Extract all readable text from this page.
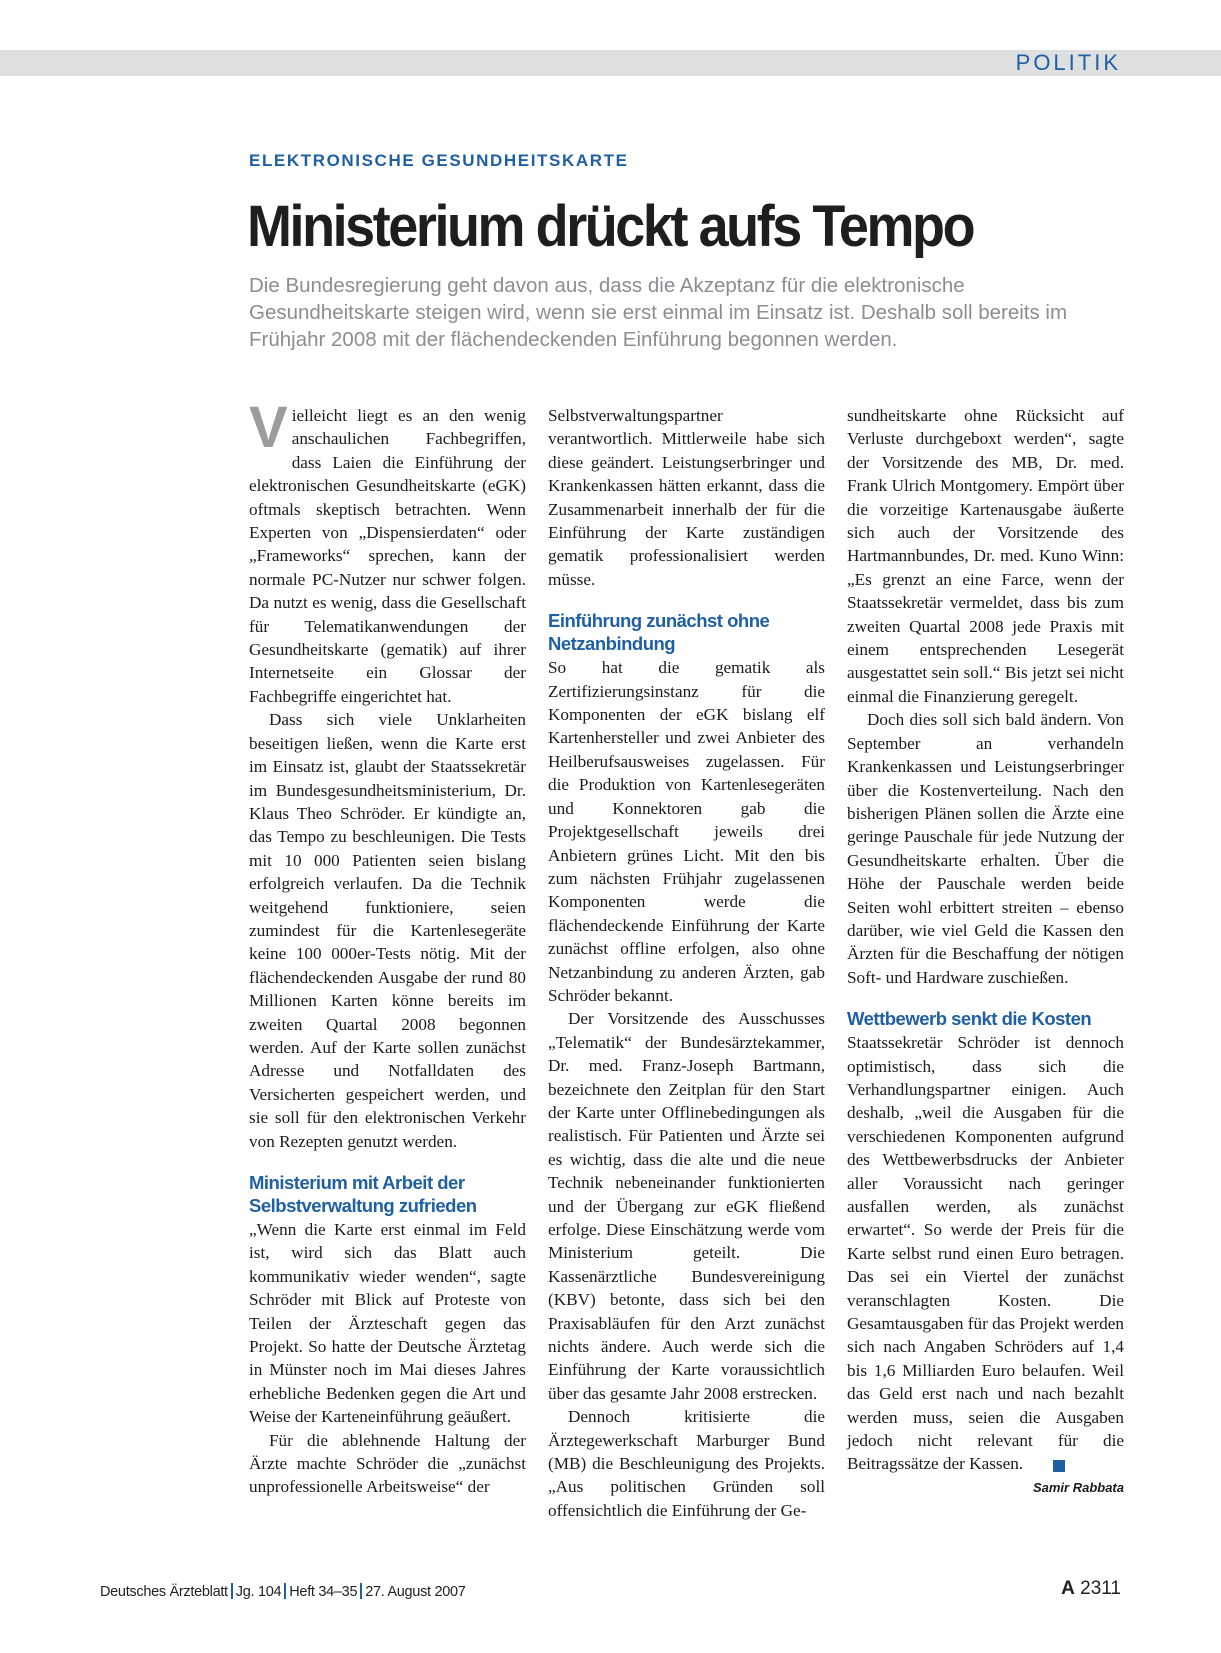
POLITIK
ELEKTRONISCHE GESUNDHEITSKARTE
Ministerium drückt aufs Tempo

Die Bundesregierung geht davon aus, dass die Akzeptanz für die elektronische Gesundheitskarte steigen wird, wenn sie erst einmal im Einsatz ist. Deshalb soll bereits im Frühjahr 2008 mit der flächendeckenden Einführung begonnen werden.

Vielleicht liegt es an den wenig anschaulichen Fachbegriffen, dass Laien die Einführung der elektronischen Gesundheitskarte (eGK) oftmals skeptisch betrachten. Wenn Experten von „Dispensierdaten“ oder „Frameworks“ sprechen, kann der normale PC-Nutzer nur schwer folgen. Da nutzt es wenig, dass die Gesellschaft für Telematikanwendungen der Gesundheitskarte (gematik) auf ihrer Internetseite ein Glossar der Fachbegriffe eingerichtet hat.

Dass sich viele Unklarheiten beseitigen ließen, wenn die Karte erst im Einsatz ist, glaubt der Staatssekretär im Bundesgesundheitsministerium, Dr. Klaus Theo Schröder. Er kündigte an, das Tempo zu beschleunigen. Die Tests mit 10 000 Patienten seien bislang erfolgreich verlaufen. Da die Technik weitgehend funktioniere, seien zumindest für die Kartenlesegeräte keine 100 000er-Tests nötig. Mit der flächendeckenden Ausgabe der rund 80 Millionen Karten könne bereits im zweiten Quartal 2008 begonnen werden. Auf der Karte sollen zunächst Adresse und Notfalldaten des Versicherten gespeichert werden, und sie soll für den elektronischen Verkehr von Rezepten genutzt werden.

Ministerium mit Arbeit der Selbstverwaltung zufrieden

„Wenn die Karte erst einmal im Feld ist, wird sich das Blatt auch kommunikativ wieder wenden“, sagte Schröder mit Blick auf Proteste von Teilen der Ärzteschaft gegen das Projekt. So hatte der Deutsche Ärztetag in Münster noch im Mai dieses Jahres erhebliche Bedenken gegen die Art und Weise der Karteneinführung geäußert.

Für die ablehnende Haltung der Ärzte machte Schröder die „zunächst unprofessionelle Arbeitsweise“ der

Selbstverwaltungspartner verantwortlich. Mittlerweile habe sich diese geändert. Leistungserbringer und Krankenkassen hätten erkannt, dass die Zusammenarbeit innerhalb der für die Einführung der Karte zuständigen gematik professionalisiert werden müsse.

Einführung zunächst ohne Netzanbindung

So hat die gematik als Zertifizierungsinstanz für die Komponenten der eGK bislang elf Kartenhersteller und zwei Anbieter des Heilberufsausweises zugelassen. Für die Produktion von Kartenlesegeräten und Konnektoren gab die Projektgesellschaft jeweils drei Anbietern grünes Licht. Mit den bis zum nächsten Frühjahr zugelassenen Komponenten werde die flächendeckende Einführung der Karte zunächst offline erfolgen, also ohne Netzanbindung zu anderen Ärzten, gab Schröder bekannt.

Der Vorsitzende des Ausschusses „Telematik“ der Bundesärztekammer, Dr. med. Franz-Joseph Bartmann, bezeichnete den Zeitplan für den Start der Karte unter Offlinebedingungen als realistisch. Für Patienten und Ärzte sei es wichtig, dass die alte und die neue Technik nebeneinander funktionierten und der Übergang zur eGK fließend erfolge. Diese Einschätzung werde vom Ministerium geteilt. Die Kassenärztliche Bundesvereinigung (KBV) betonte, dass sich bei den Praxisabläufen für den Arzt zunächst nichts ändere. Auch werde sich die Einführung der Karte voraussichtlich über das gesamte Jahr 2008 erstrecken.

Dennoch kritisierte die Ärztegewerkschaft Marburger Bund (MB) die Beschleunigung des Projekts. „Aus politischen Gründen soll offensichtlich die Einführung der Ge-

sundheitskarte ohne Rücksicht auf Verluste durchgeboxt werden“, sagte der Vorsitzende des MB, Dr. med. Frank Ulrich Montgomery. Empört über die vorzeitige Kartenausgabe äußerte sich auch der Vorsitzende des Hartmannbundes, Dr. med. Kuno Winn: „Es grenzt an eine Farce, wenn der Staatssekretär vermeldet, dass bis zum zweiten Quartal 2008 jede Praxis mit einem entsprechenden Lesegerät ausgestattet sein soll.“ Bis jetzt sei nicht einmal die Finanzierung geregelt.

Doch dies soll sich bald ändern. Von September an verhandeln Krankenkassen und Leistungserbringer über die Kostenverteilung. Nach den bisherigen Plänen sollen die Ärzte eine geringe Pauschale für jede Nutzung der Gesundheitskarte erhalten. Über die Höhe der Pauschale werden beide Seiten wohl erbittert streiten – ebenso darüber, wie viel Geld die Kassen den Ärzten für die Beschaffung der nötigen Soft- und Hardware zuschießen.

Wettbewerb senkt die Kosten

Staatssekretär Schröder ist dennoch optimistisch, dass sich die Verhandlungspartner einigen. Auch deshalb, „weil die Ausgaben für die verschiedenen Komponenten aufgrund des Wettbewerbsdrucks der Anbieter aller Voraussicht nach geringer ausfallen werden, als zunächst erwartet“. So werde der Preis für die Karte selbst rund einen Euro betragen. Das sei ein Viertel der zunächst veranschlagten Kosten. Die Gesamtausgaben für das Projekt werden sich nach Angaben Schröders auf 1,4 bis 1,6 Milliarden Euro belaufen. Weil das Geld erst nach und nach bezahlt werden muss, seien die Ausgaben jedoch nicht relevant für die Beitragssätze der Kassen.

Samir Rabbata
Deutsches Ärzteblatt Jg. 104 Heft 34–35 27. August 2007	A 2311
